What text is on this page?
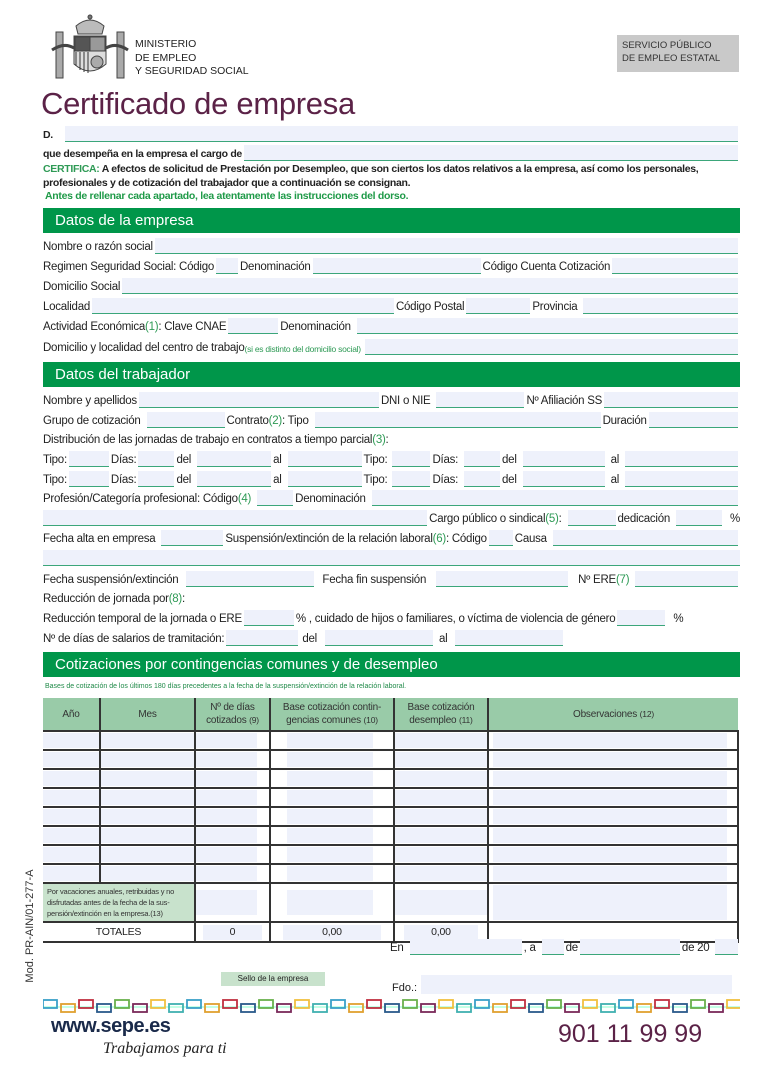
MINISTERIO
DE EMPLEO
Y SEGURIDAD SOCIAL
SERVICIO PÚBLICO
DE EMPLEO ESTATAL
Certificado de empresa
D.
que desempeña en la empresa el cargo de
CERTIFICA: A efectos de solicitud de Prestación por Desempleo, que son ciertos los datos relativos a la empresa, así como los personales, profesionales y de cotización del trabajador que a continuación se consignan.
Antes de rellenar cada apartado, lea atentamente las instrucciones del dorso.
Datos de la empresa
Nombre o razón social
Regimen Seguridad Social: Código Denominación	Código Cuenta Cotización
Domicilio Social
Localidad	Código Postal	Provincia
Actividad Económica (1) : Clave CNAE	Denominación
Domicilio y localidad del centro de trabajo (si es distinto del domicilio social)
Datos del trabajador
Nombre y apellidos	DNI o NIE	Nº Afiliación SS
Grupo de cotización	Contrato (2) : Tipo	Duración
Distribución de las jornadas de trabajo en contratos a tiempo parcial (3) :
Tipo:	Días:	del	al	Tipo:	Días:	del	al
Tipo:	Días:	del	al	Tipo:	Días:	del	al
Profesión/Categoría profesional: Código (4)	Denominación
Cargo público o sindical (5) :	dedicación	%
Fecha alta en empresa	Suspensión/extinción de la relación laboral (6) : Código Causa
Fecha suspensión/extinción	Fecha fin suspensión	Nº ERE (7)
Reducción de jornada por (8) :
Reducción temporal de la jornada o ERE	% , cuidado de hijos o familiares, o víctima de violencia de género	%
Nº de días de salarios de tramitación:	del	al
Cotizaciones por contingencias comunes y de desempleo
Bases de cotización de los últimos 180 días precedentes a la fecha de la suspensión/extinción de la relación laboral.
Año	Mes	Nº de días cotizados (9)	Base cotización contin-gencias comunes (10)	Base cotización desempleo (11)	Observaciones (12)

Por vacaciones anuales, retribuidas y no disfrutadas antes de la fecha de la sus-pensión/extinción en la empresa.(13)		

TOTALES		0	0,00	0,00	
En	, a	de	de 20
Sello de la empresa
Fdo.:
Mod. PR-AIN/01-277-A
www.sepe.es
Trabajamos para ti
901 11 99 99
